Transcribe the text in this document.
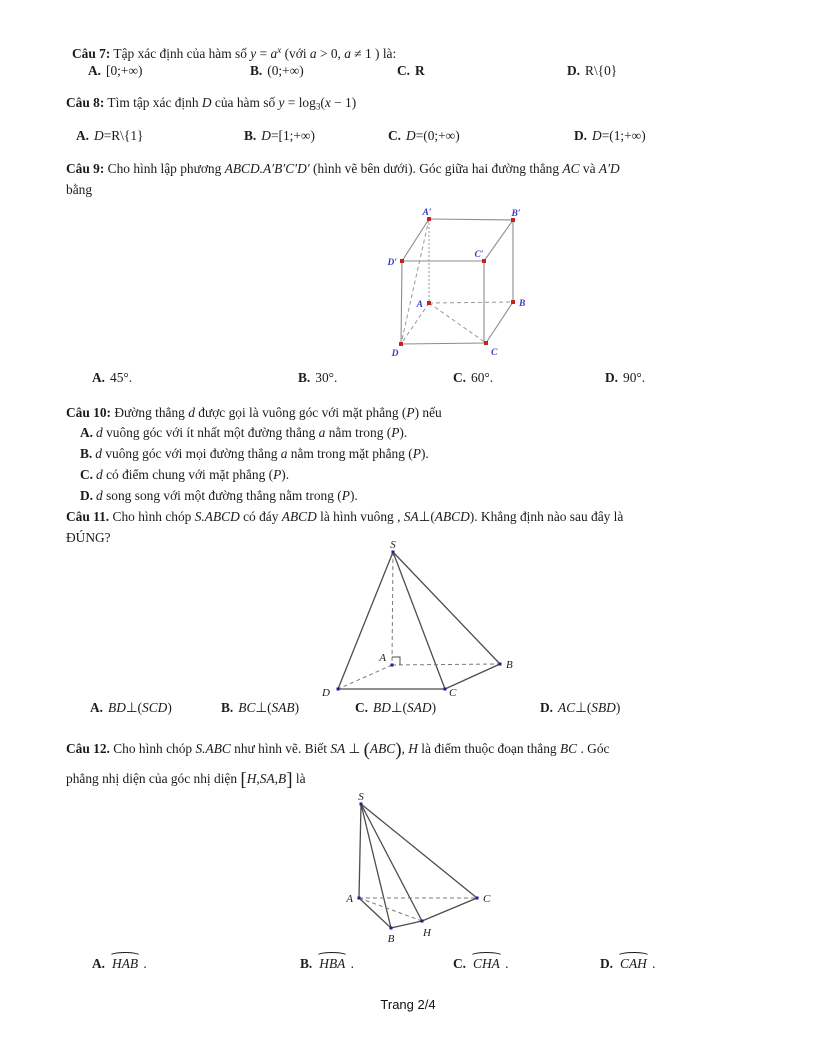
Câu 7: Tập xác định của hàm số $y = a^x$ (với a > 0, a ≠ 1 ) là:
A. [0;+∞)	B. (0;+∞)	C. R	D. R\{0}
Câu 8: Tìm tập xác định D của hàm số $y = \log_3(x - 1)$
A. D=R\{1}	B. D=[1;+∞)	C. D=(0;+∞)	D. D=(1;+∞)
Câu 9: Cho hình lập phương ABCD.A′B′C′D′ (hình vẽ bên dưới). Góc giữa hai đường thẳng AC và A′D
bằng
A′	B′
C′
D′
A	B
C
D
A. 45°.	B. 30°.	C. 60°.	D. 90°.
Câu 10: Đường thẳng d được gọi là vuông góc với mặt phẳng (P) nếu
A. d vuông góc với ít nhất một đường thẳng a nằm trong (P).
B. d vuông góc với mọi đường thẳng a nằm trong mặt phẳng (P).
C. d có điểm chung với mặt phẳng (P).
D. d song song với một đường thẳng nằm trong (P).
Câu 11. Cho hình chóp S.ABCD có đáy ABCD là hình vuông , SA⊥(ABCD). Khẳng định nào sau đây là
ĐÚNG?	S
A
B
C
D
A. BD⊥(SCD)	B. BC⊥(SAB)	C. BD⊥(SAD)	D. AC⊥(SBD)
Câu 12. Cho hình chóp S.ABC như hình vẽ. Biết SA ⊥ (ABC), H là điểm thuộc đoạn thẳng BC . Góc
phẳng nhị diện của góc nhị diện [H,SA,B] là
S
A	C
B	H
A. HAB .	B. HBA .	C. CHA .	D. CAH .
Trang 2/4
